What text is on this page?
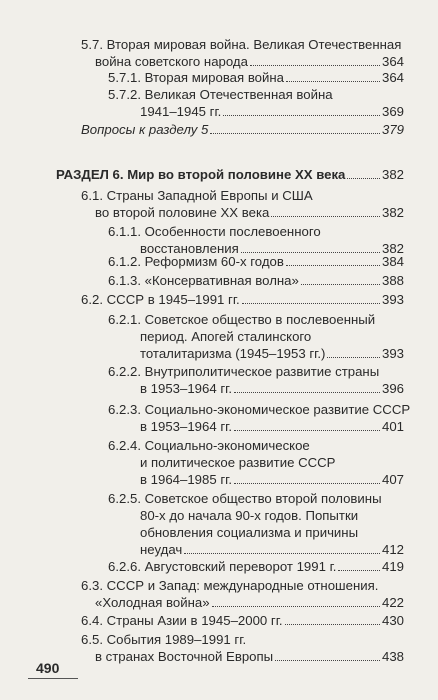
5.7. Вторая мировая война. Великая Отечественная
война советского народа	364
5.7.1. Вторая мировая война	364
5.7.2. Великая Отечественная война
1941–1945 гг.	369
Вопросы к разделу 5	379
РАЗДЕЛ 6. Мир во второй половине XX века	382
6.1. Страны Западной Европы и США
во второй половине XX века	382
6.1.1. Особенности послевоенного
восстановления	382
6.1.2. Реформизм 60-х годов	384
6.1.3. «Консервативная волна»	388
6.2. СССР в 1945–1991 гг.	393
6.2.1. Советское общество в послевоенный
период. Апогей сталинского
тоталитаризма (1945–1953 гг.)	393
6.2.2. Внутриполитическое развитие страны
в 1953–1964 гг.	396
6.2.3. Социально-экономическое развитие СССР
в 1953–1964 гг.	401
6.2.4. Социально-экономическое
и политическое развитие СССР
в 1964–1985 гг.	407
6.2.5. Советское общество второй половины
80-х до начала 90-х годов. Попытки
обновления социализма и причины
неудач	412
6.2.6. Августовский переворот 1991 г.	419
6.3. СССР и Запад: международные отношения.
«Холодная война»	422
6.4. Страны Азии в 1945–2000 гг.	430
6.5. События 1989–1991 гг.
в странах Восточной Европы	438
490
